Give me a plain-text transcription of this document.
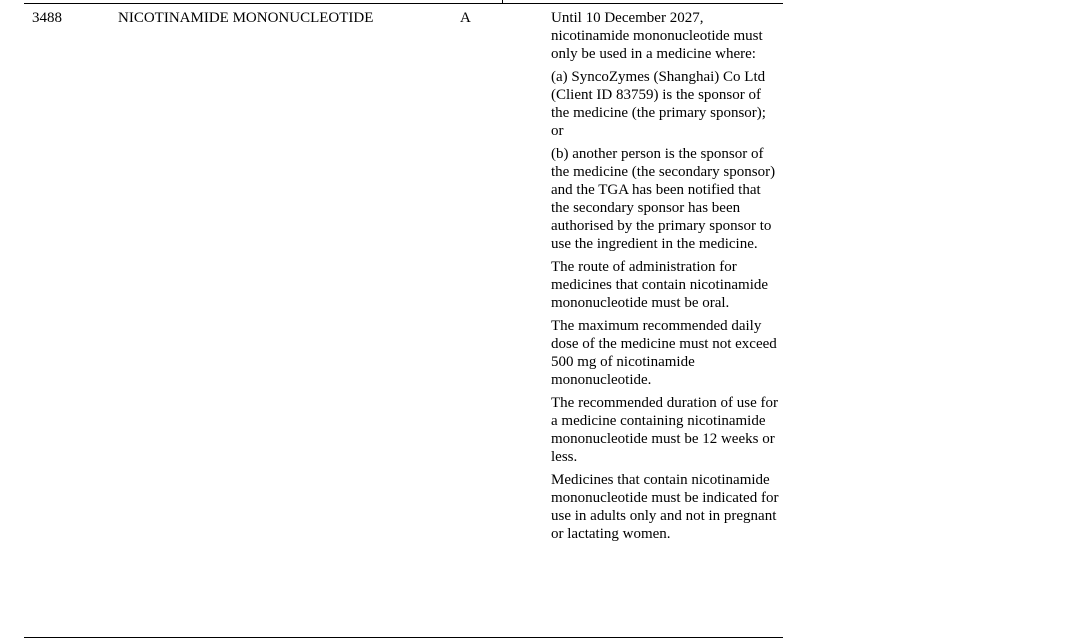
3488	NICOTINAMIDE MONONUCLEOTIDE	A	Until 10 December 2027, nicotinamide mononucleotide must only be used in a medicine where:

(a) SyncoZymes (Shanghai) Co Ltd (Client ID 83759) is the sponsor of the medicine (the primary sponsor); or

(b) another person is the sponsor of the medicine (the secondary sponsor) and the TGA has been notified that the secondary sponsor has been authorised by the primary sponsor to use the ingredient in the medicine.

The route of administration for medicines that contain nicotinamide mononucleotide must be oral.

The maximum recommended daily dose of the medicine must not exceed 500 mg of nicotinamide mononucleotide.

The recommended duration of use for a medicine containing nicotinamide mononucleotide must be 12 weeks or less.

Medicines that contain nicotinamide mononucleotide must be indicated for use in adults only and not in pregnant or lactating women.
